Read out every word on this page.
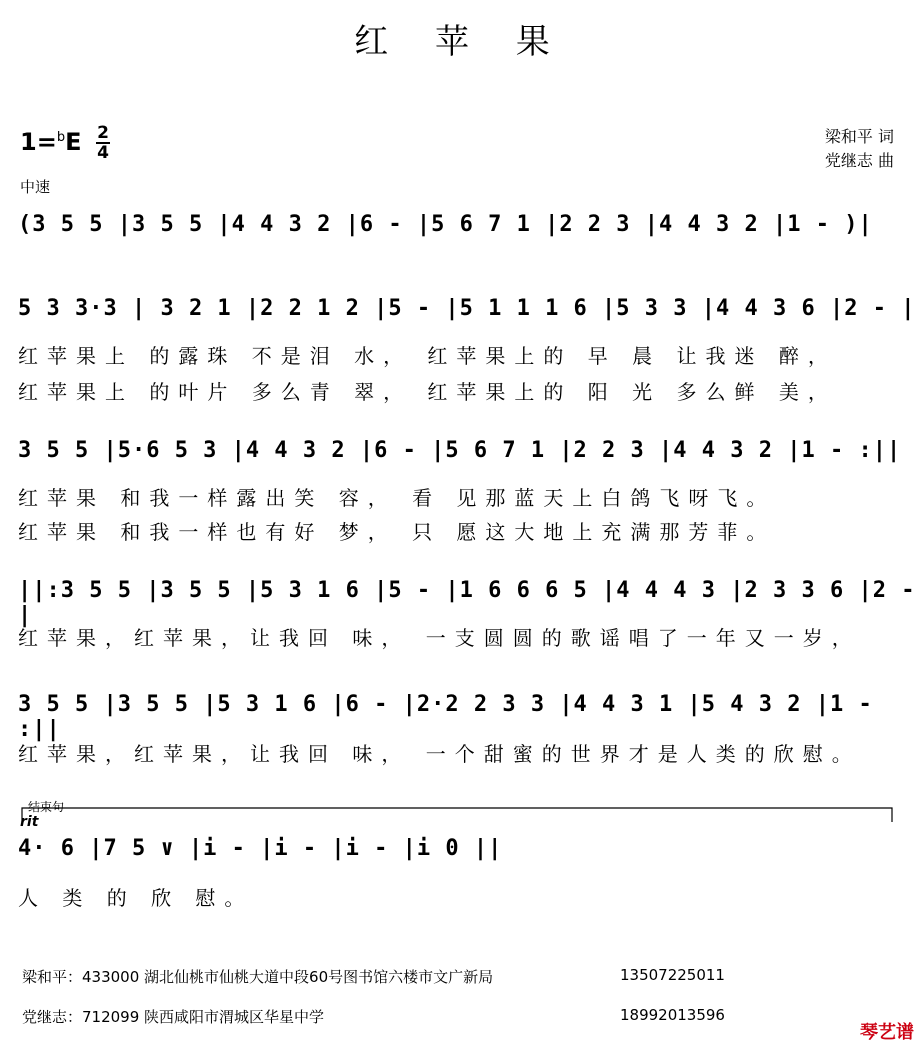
红 苹 果
梁和平 词
党继志 曲
1=$^b$E 2
4
中速
(3 5 5 |3 5 5 |4 4 3 2 |6 - |5 6 7 1 |2 2 3 |4 4 3 2 |1 - )|
5 3 3·3 | 3 2 1 |2 2 1 2 |5 - |5 1 1 1 6 |5 3 3 |4 4 3 6 |2 - |
红苹果上 的露珠 不是泪 水， 红苹果上的 早 晨 让我迷 醉，
红苹果上 的叶片 多么青 翠， 红苹果上的 阳 光 多么鲜 美，
3 5 5 |5·6 5 3 |4 4 3 2 |6 - |5 6 7 1 |2 2 3 |4 4 3 2 |1 - :||
红苹果 和我一样露出笑 容， 看 见那蓝天上白鸽飞呀飞。
红苹果 和我一样也有好 梦， 只 愿这大地上充满那芳菲。
||:3 5 5 |3 5 5 |5 3 1 6 |5 - |1 6 6 6 5 |4 4 4 3 |2 3 3 6 |2 - |
红苹果，红苹果，让我回 味， 一支圆圆的歌谣唱了一年又一岁，
3 5 5 |3 5 5 |5 3 1 6 |6 - |2·2 2 3 3 |4 4 3 1 |5 4 3 2 |1 - :||
红苹果，红苹果，让我回 味， 一个甜蜜的世界才是人类的欣慰。
结束句
rit
4· 6 |7 5 ∨ |i - |i - |i - |i 0 ||
人 类 的 欣 慰。
梁和平：433000 湖北仙桃市仙桃大道中段60号图书馆六楼市文广新局	13507225011
党继志：712099 陕西咸阳市渭城区华星中学	18992013596
琴艺谱
